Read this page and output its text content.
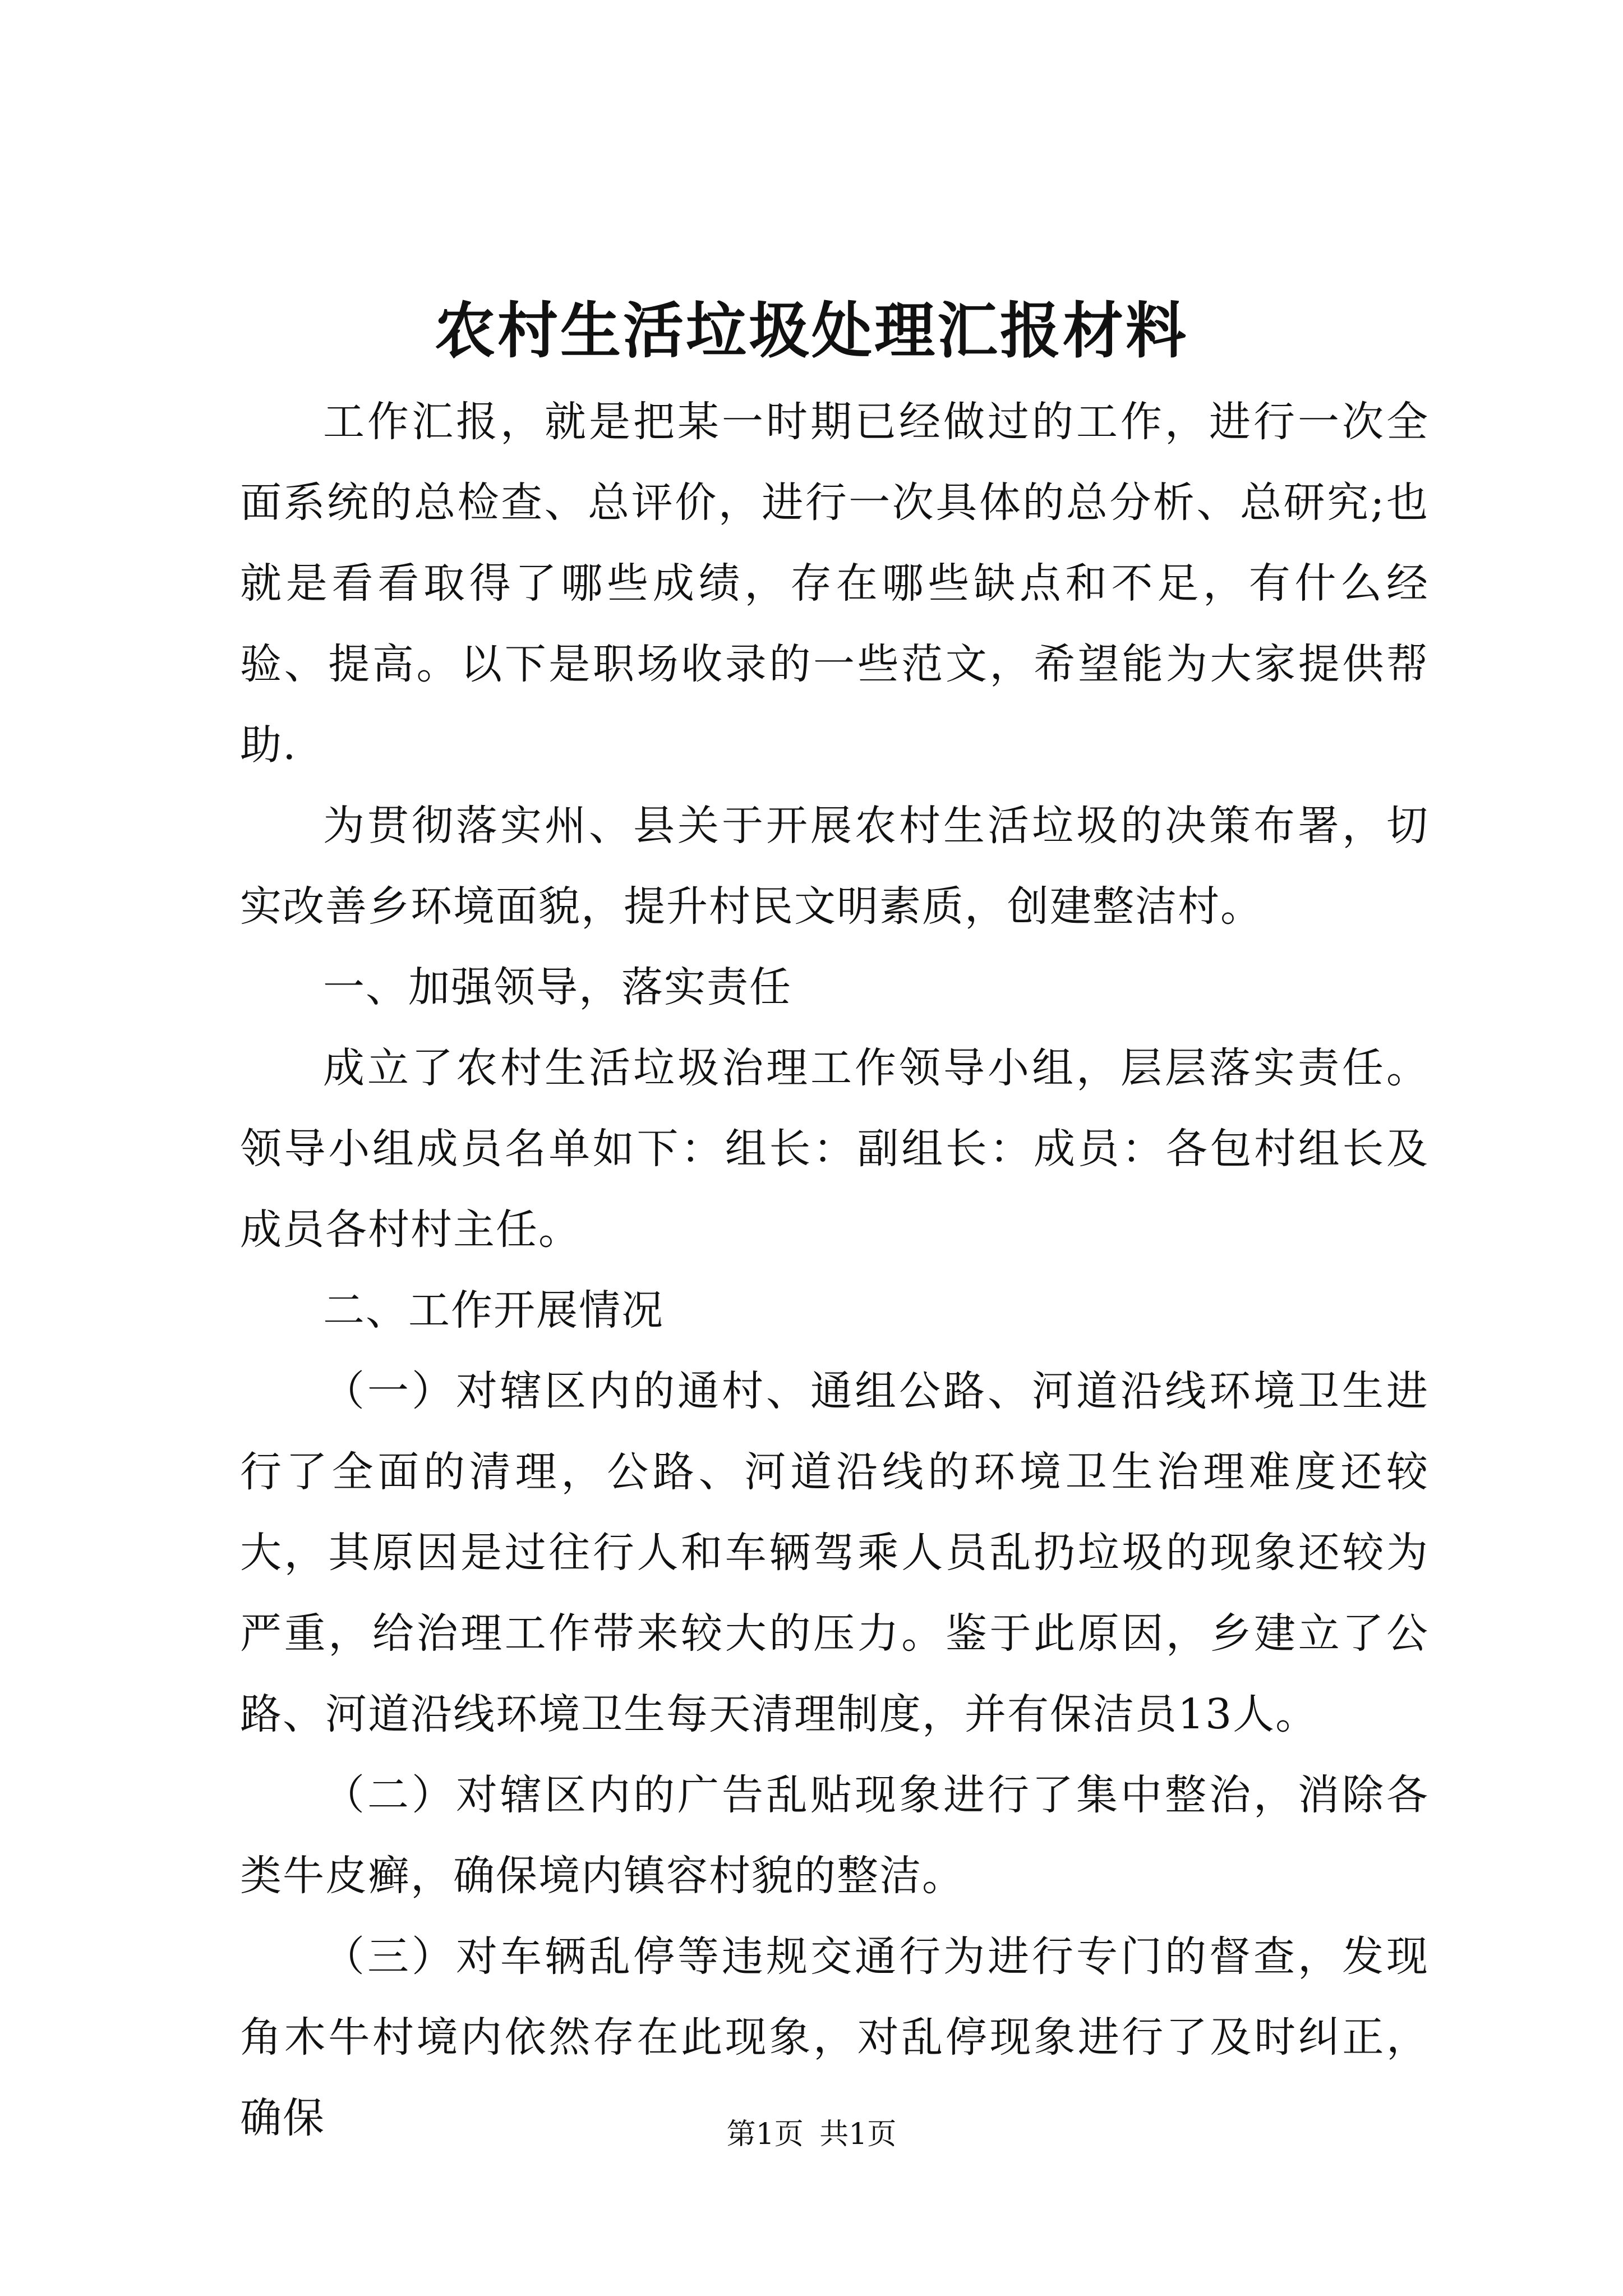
农村生活垃圾处理汇报材料

工作汇报，就是把某一时期已经做过的工作，进行一次全面系统的总检查、总评价，进行一次具体的总分析、总研究;也就是看看取得了哪些成绩，存在哪些缺点和不足，有什么经验、提高。以下是职场收录的一些范文，希望能为大家提供帮助.

为贯彻落实州、县关于开展农村生活垃圾的决策布署，切实改善乡环境面貌，提升村民文明素质，创建整洁村。

一、加强领导，落实责任

成立了农村生活垃圾治理工作领导小组，层层落实责任。领导小组成员名单如下：组长：副组长：成员：各包村组长及成员各村村主任。

二、工作开展情况

（一）对辖区内的通村、通组公路、河道沿线环境卫生进行了全面的清理，公路、河道沿线的环境卫生治理难度还较大，其原因是过往行人和车辆驾乘人员乱扔垃圾的现象还较为严重，给治理工作带来较大的压力。鉴于此原因，乡建立了公路、河道沿线环境卫生每天清理制度，并有保洁员13人。

（二）对辖区内的广告乱贴现象进行了集中整治，消除各类牛皮癣，确保境内镇容村貌的整洁。

（三）对车辆乱停等违规交通行为进行专门的督查，发现角木牛村境内依然存在此现象，对乱停现象进行了及时纠正，确保	第1页 共1页
